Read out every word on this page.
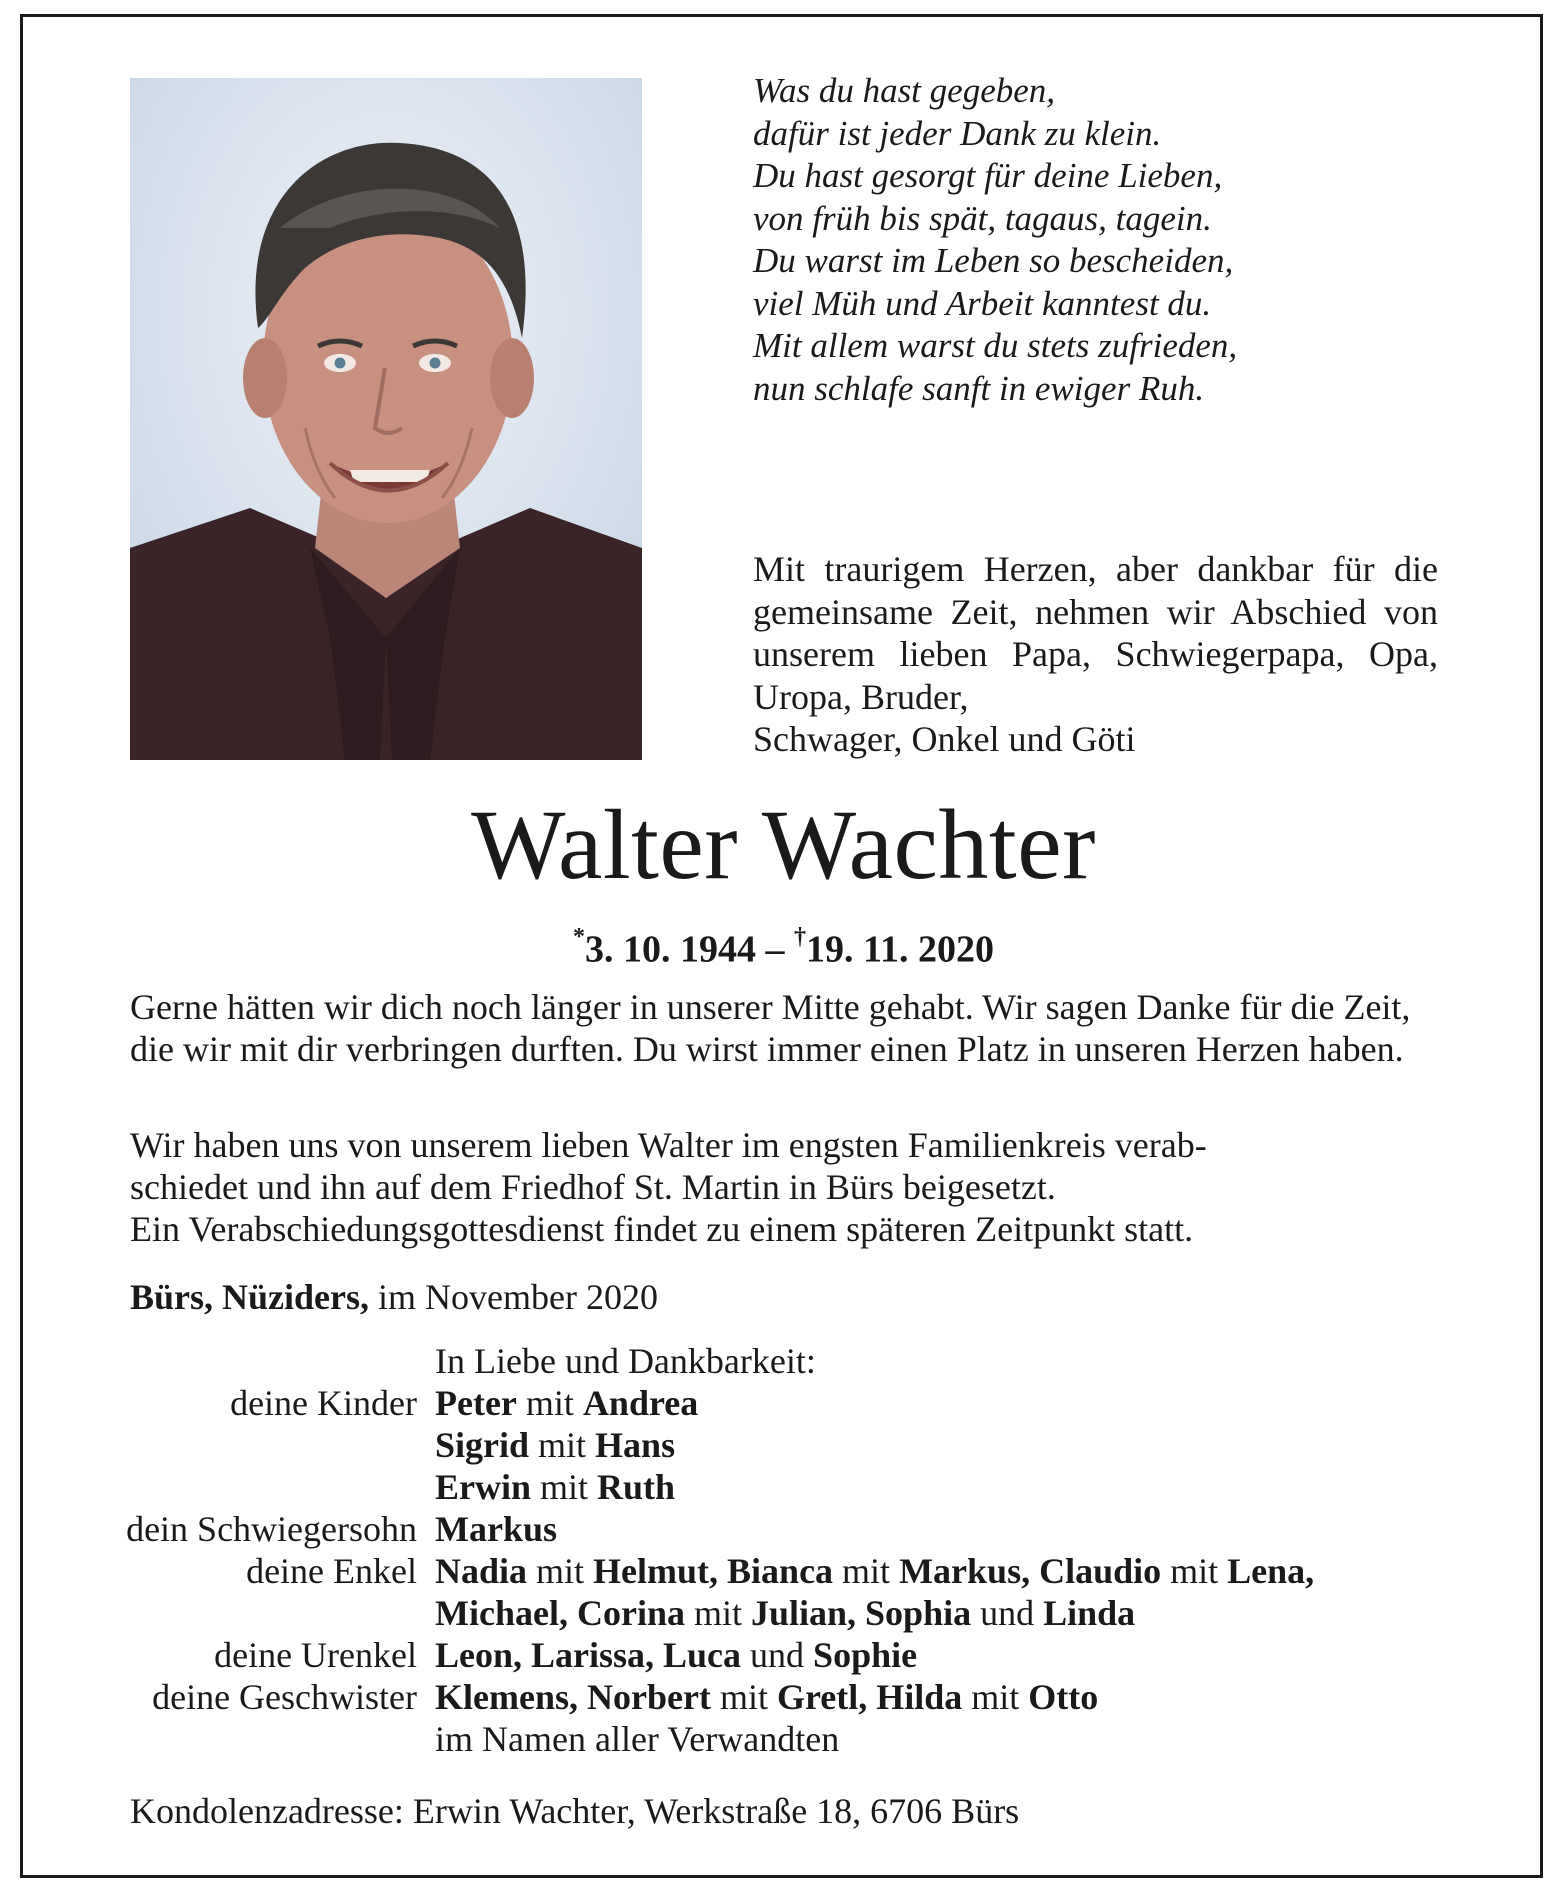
Was du hast gegeben,
dafür ist jeder Dank zu klein.
Du hast gesorgt für deine Lieben,
von früh bis spät, tagaus, tagein.
Du warst im Leben so bescheiden,
viel Müh und Arbeit kanntest du.
Mit allem warst du stets zufrieden,
nun schlafe sanft in ewiger Ruh.
Mit traurigem Herzen, aber dankbar für die gemeinsame Zeit, nehmen wir Abschied von unserem lieben Papa, Schwiegerpapa, Opa, Uropa, Bruder,
Schwager, Onkel und Göti
Walter Wachter
*3. 10. 1944 – †19. 11. 2020
Gerne hätten wir dich noch länger in unserer Mitte gehabt. Wir sagen Danke für die Zeit, die wir mit dir verbringen durften. Du wirst immer einen Platz in unseren Herzen haben.
Wir haben uns von unserem lieben Walter im engsten Familienkreis verab-
schiedet und ihn auf dem Friedhof St. Martin in Bürs beigesetzt.
Ein Verabschiedungsgottesdienst findet zu einem späteren Zeitpunkt statt.
Bürs, Nüziders, im November 2020
In Liebe und Dankbarkeit:
deine Kinder Peter mit Andrea
Sigrid mit Hans
Erwin mit Ruth
dein Schwiegersohn Markus
deine Enkel Nadia mit Helmut, Bianca mit Markus, Claudio mit Lena,
Michael, Corina mit Julian, Sophia und Linda
deine Urenkel Leon, Larissa, Luca und Sophie
deine Geschwister Klemens, Norbert mit Gretl, Hilda mit Otto
im Namen aller Verwandten
Kondolenzadresse: Erwin Wachter, Werkstraße 18, 6706 Bürs
